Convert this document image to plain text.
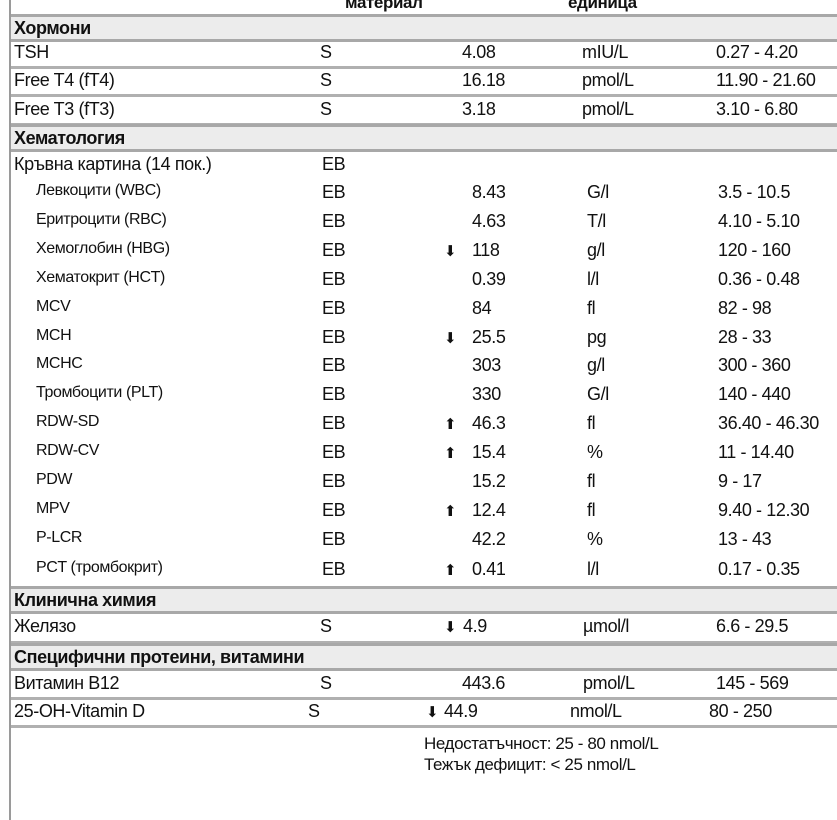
материал	единица
Хормони
TSH	S	4.08	mIU/L	0.27 - 4.20
Free T4 (fT4)	S	16.18	pmol/L	11.90 - 21.60
Free T3 (fT3)	S	3.18	pmol/L	3.10 - 6.80
Хематология
Кръвна картина (14 пок.)	EB
Левкоцити (WBC)	EB	8.43	G/l	3.5 - 10.5
Еритроцити (RBC)	EB	4.63	T/l	4.10 - 5.10
Хемоглобин (HBG)	EB	⬇ 118	g/l	120 - 160
Хематокрит (HCT)	EB	0.39	l/l	0.36 - 0.48
MCV	EB	84	fl	82 - 98
MCH	EB	⬇ 25.5	pg	28 - 33
MCHC	EB	303	g/l	300 - 360
Тромбоцити (PLT)	EB	330	G/l	140 - 440
RDW-SD	EB	⬆ 46.3	fl	36.40 - 46.30
RDW-CV	EB	⬆ 15.4	%	11 - 14.40
PDW	EB	15.2	fl	9 - 17
MPV	EB	⬆ 12.4	fl	9.40 - 12.30
P-LCR	EB	42.2	%	13 - 43
PCT (тромбокрит)	EB	⬆ 0.41	l/l	0.17 - 0.35
Клинична химия
Желязо	S	⬇ 4.9	µmol/l	6.6 - 29.5
Специфични протеини, витамини
Витамин B12	S	443.6	pmol/L	145 - 569
25-OH-Vitamin D	S	⬇ 44.9	nmol/L	80 - 250
Недостатъчност: 25 - 80 nmol/L
Тежък дефицит: < 25 nmol/L
